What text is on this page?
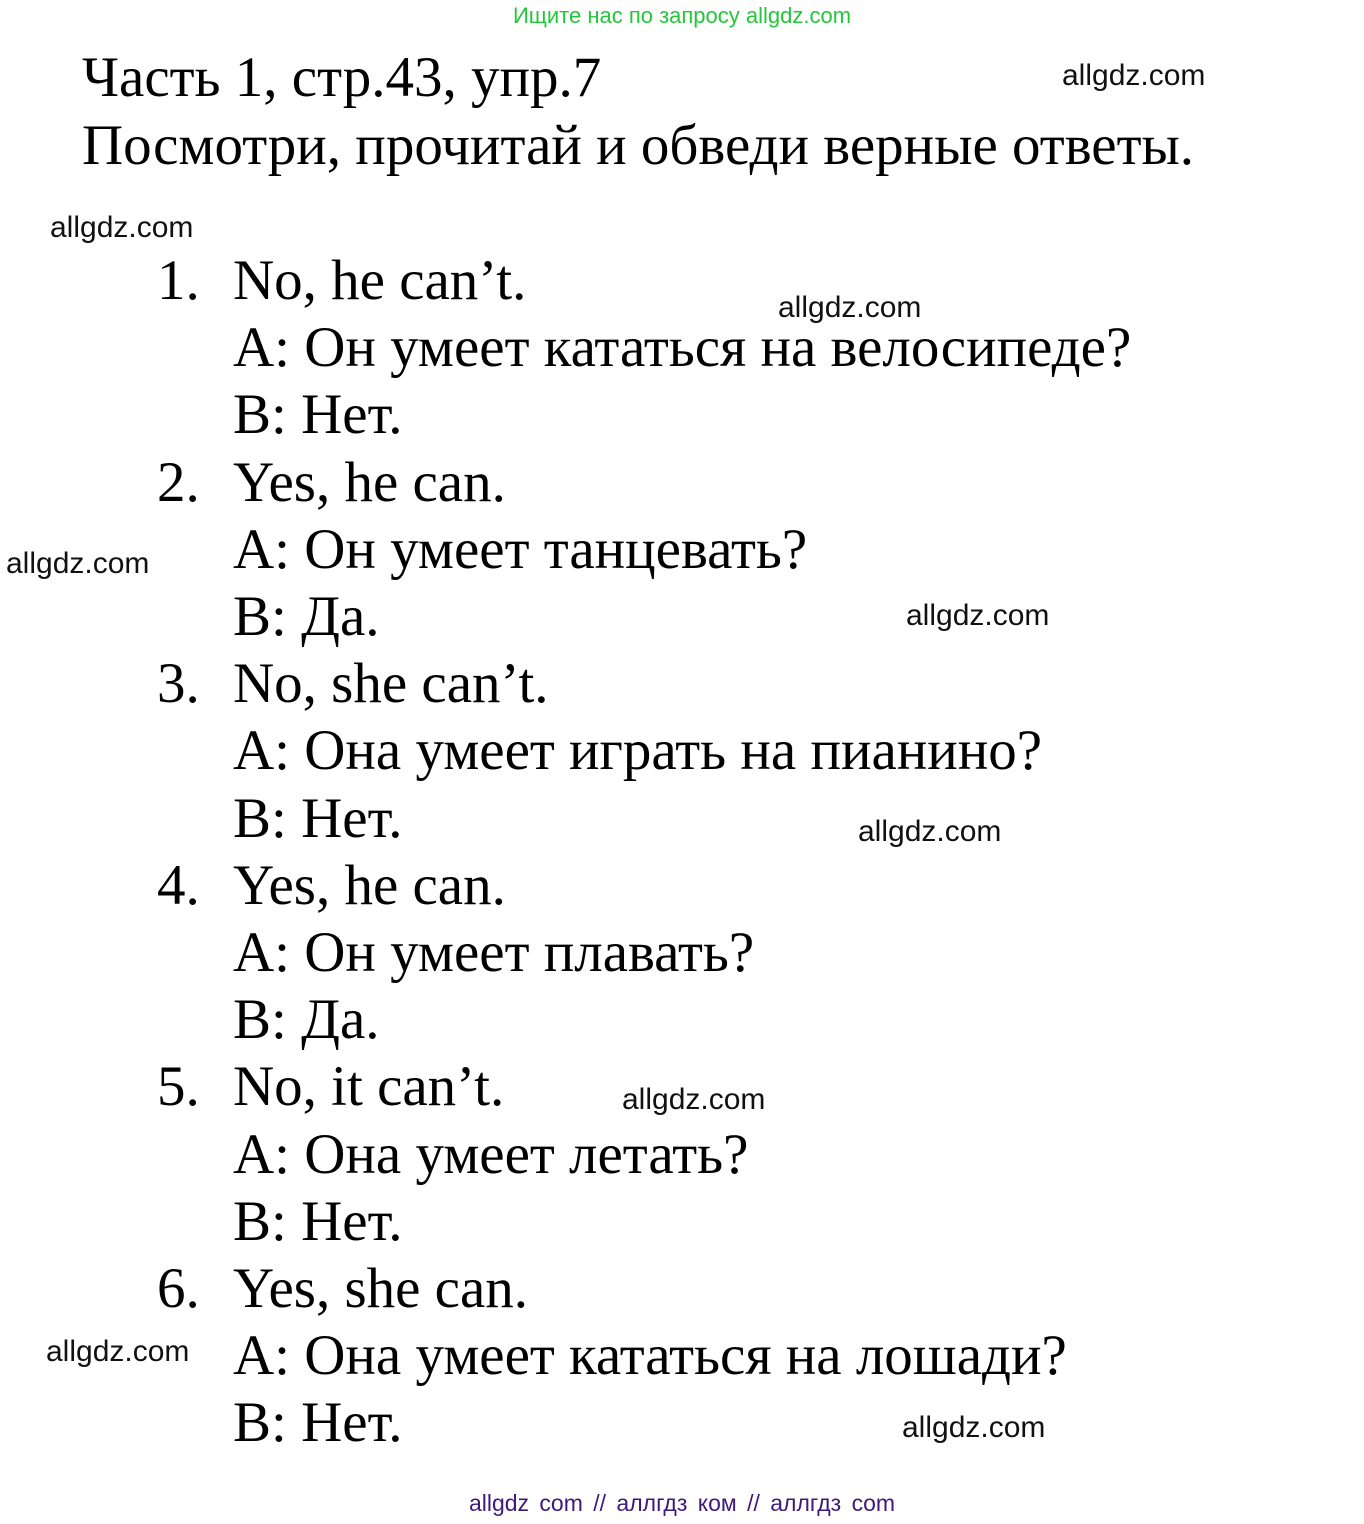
Ищите нас по запросу allgdz.com
Часть 1, стр.43, упр.7
Посмотри, прочитай и обведи верные ответы.
1. No, he can’t.
A: Он умеет кататься на велосипеде?
B: Нет.
2. Yes, he can.
A: Он умеет танцевать?
B: Да.
3. No, she can’t.
A: Она умеет играть на пианино?
B: Нет.
4. Yes, he can.
A: Он умеет плавать?
B: Да.
5. No, it can’t.
A: Она умеет летать?
B: Нет.
6. Yes, she can.
A: Она умеет кататься на лошади?
B: Нет.
allgdz.com
allgdz.com
allgdz.com
allgdz.com
allgdz.com
allgdz.com
allgdz.com
allgdz.com
allgdz.com
allgdz com // аллгдз ком // аллгдз com
